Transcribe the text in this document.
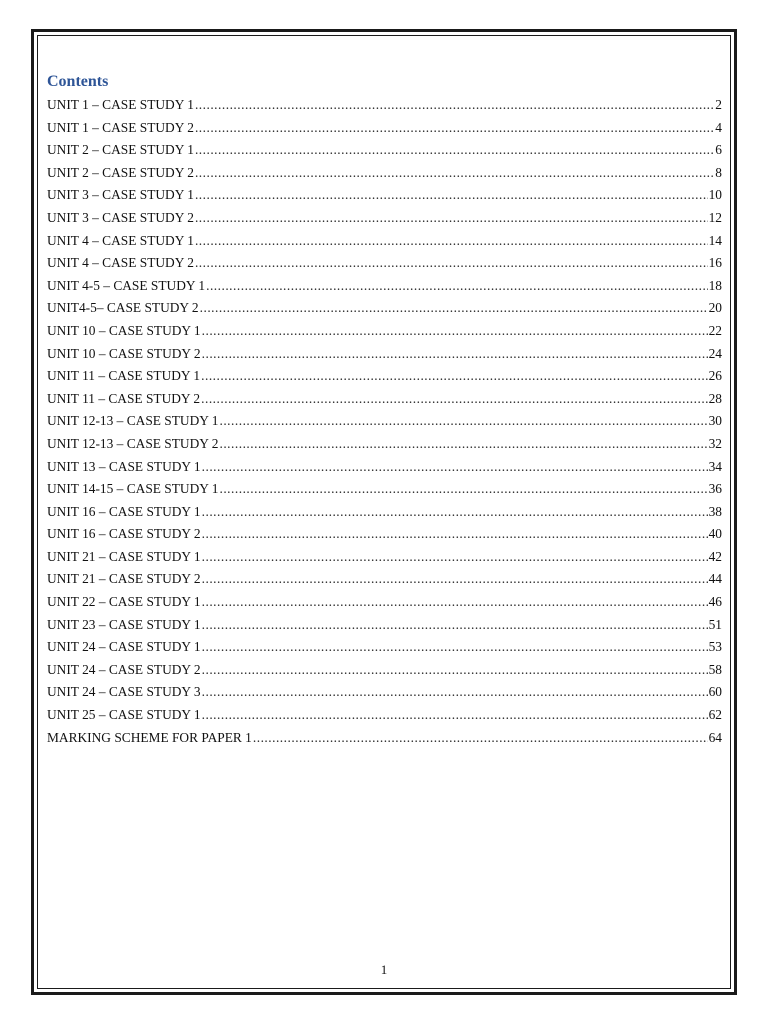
Contents
UNIT 1 – CASE STUDY 1 .....	2
UNIT 1 – CASE STUDY 2 .....	4
UNIT 2 – CASE STUDY 1 .....	6
UNIT 2 – CASE STUDY 2 .....	8
UNIT 3 – CASE STUDY 1 .....	10
UNIT 3 – CASE STUDY 2 .....	12
UNIT 4 – CASE STUDY 1 .....	14
UNIT 4 – CASE STUDY 2 .....	16
UNIT 4-5 – CASE STUDY 1 .....	18
UNIT4-5– CASE STUDY 2 .....	20
UNIT 10 – CASE STUDY 1 .....	22
UNIT 10 – CASE STUDY 2 .....	24
UNIT 11 – CASE STUDY 1 .....	26
UNIT 11 – CASE STUDY 2 .....	28
UNIT 12-13 – CASE STUDY 1 .....	30
UNIT 12-13 – CASE STUDY 2 .....	32
UNIT 13 – CASE STUDY 1 .....	34
UNIT 14-15 – CASE STUDY 1 .....	36
UNIT 16 – CASE STUDY 1 .....	38
UNIT 16 – CASE STUDY 2 .....	40
UNIT 21 – CASE STUDY 1 .....	42
UNIT 21 – CASE STUDY 2 .....	44
UNIT 22 – CASE STUDY 1 .....	46
UNIT 23 – CASE STUDY 1 .....	51
UNIT 24 – CASE STUDY 1 .....	53
UNIT 24 – CASE STUDY 2 .....	58
UNIT 24 – CASE STUDY 3 .....	60
UNIT 25 – CASE STUDY 1 .....	62
MARKING SCHEME FOR PAPER 1 .....	64
1
